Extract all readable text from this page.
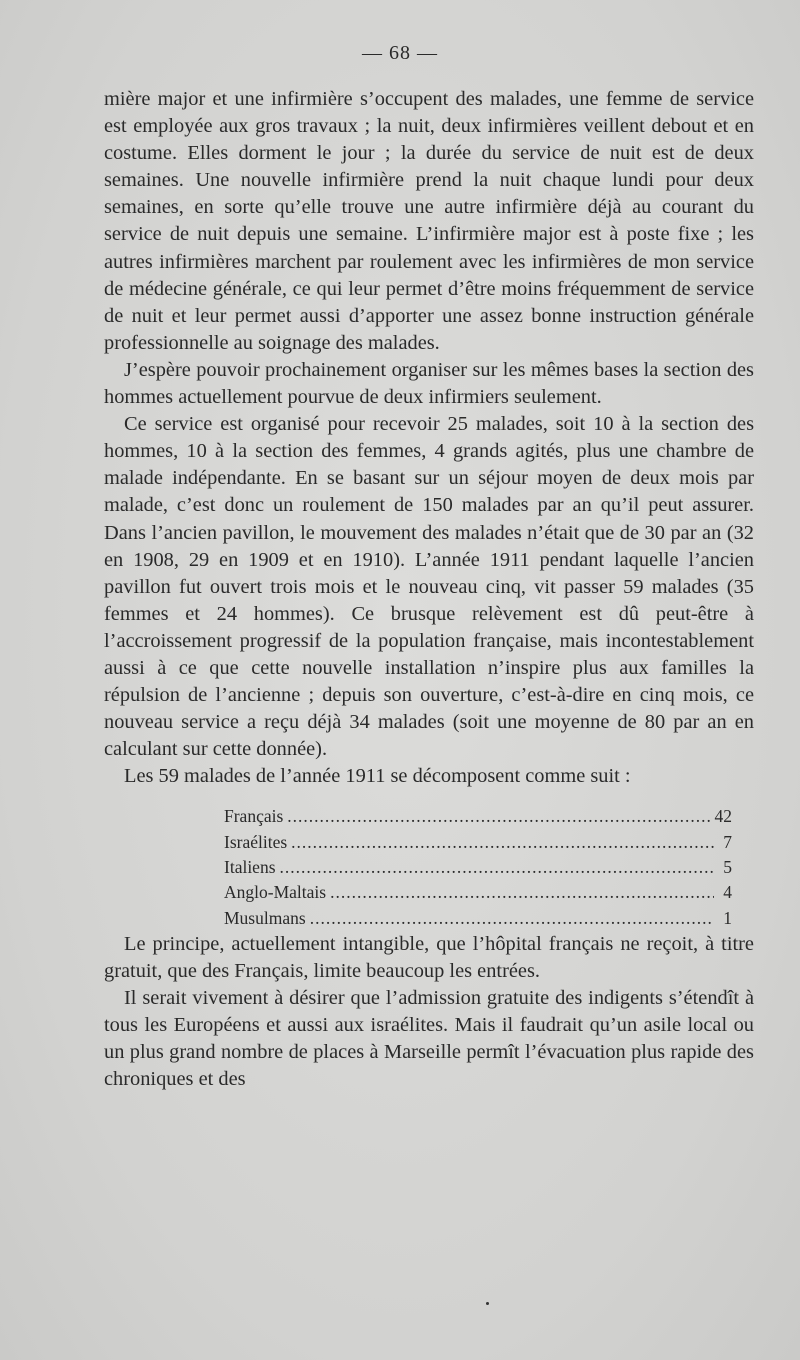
— 68 —

mière major et une infirmière s’occupent des malades, une femme de service est employée aux gros travaux ; la nuit, deux infirmières veillent debout et en costume. Elles dorment le jour ; la durée du service de nuit est de deux semaines. Une nouvelle infirmière prend la nuit chaque lundi pour deux semaines, en sorte qu’elle trouve une autre infirmière déjà au courant du service de nuit depuis une semaine. L’infirmière major est à poste fixe ; les autres infirmières marchent par roulement avec les infirmières de mon service de médecine générale, ce qui leur permet d’être moins fréquemment de service de nuit et leur permet aussi d’apporter une assez bonne instruction générale professionnelle au soignage des malades.

J’espère pouvoir prochainement organiser sur les mêmes bases la section des hommes actuellement pourvue de deux infirmiers seulement.

Ce service est organisé pour recevoir 25 malades, soit 10 à la section des hommes, 10 à la section des femmes, 4 grands agités, plus une chambre de malade indépendante. En se basant sur un séjour moyen de deux mois par malade, c’est donc un roulement de 150 malades par an qu’il peut assurer. Dans l’ancien pavillon, le mouvement des malades n’était que de 30 par an (32 en 1908, 29 en 1909 et en 1910). L’année 1911 pendant laquelle l’ancien pavillon fut ouvert trois mois et le nouveau cinq, vit passer 59 malades (35 femmes et 24 hommes). Ce brusque relèvement est dû peut-être à l’accroissement progressif de la population française, mais incontestablement aussi à ce que cette nouvelle installation n’inspire plus aux familles la répulsion de l’ancienne ; depuis son ouverture, c’est-à-dire en cinq mois, ce nouveau service a reçu déjà 34 malades (soit une moyenne de 80 par an en calculant sur cette donnée).

Les 59 malades de l’année 1911 se décomposent comme suit :

Français .....	42
Israélites .....	7
Italiens .....	5
Anglo-Maltais .....	4
Musulmans .....	1

Le principe, actuellement intangible, que l’hôpital français ne reçoit, à titre gratuit, que des Français, limite beaucoup les entrées.

Il serait vivement à désirer que l’admission gratuite des indigents s’étendît à tous les Européens et aussi aux israélites. Mais il faudrait qu’un asile local ou un plus grand nombre de places à Marseille permît l’évacuation plus rapide des chroniques et des
